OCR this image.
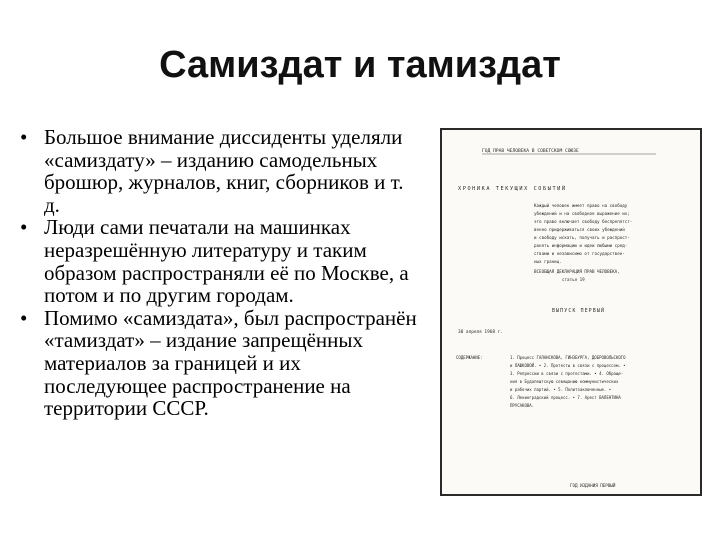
Самиздат и тамиздат
• Большое внимание диссиденты уделяли «самиздату» – изданию самодельных брошюр, журналов, книг, сборников и т. д.
• Люди сами печатали на машинках неразрешённую литературу и таким образом распространяли её по Москве, а потом и по другим городам.
• Помимо «самиздата», был распространён «тамиздат» – издание запрещённых материалов за границей и их последующее распространение на территории СССР.
ГОД ПРАВ ЧЕЛОВЕКА В СОВЕТСКОМ СОЮЗЕ
ХРОНИКА ТЕКУЩИХ СОБЫТИЙ
Каждый человек имеет право на свободу
убеждений и на свободное выражение их;
это право включает свободу беспрепятст-
венно придерживаться своих убеждений
и свободу искать, получать и распрост-
ранять информацию и идеи любыми сред-
ствами и независимо от государствен-
ных границ.
ВСЕОБЩАЯ ДЕКЛАРАЦИЯ ПРАВ ЧЕЛОВЕКА,
статья 19
ВЫПУСК ПЕРВЫЙ
30 апреля 1968 г.
СОДЕРЖАНИЕ:	1. Процесс ГАЛАНСКОВА, ГИНЗБУРГА, ДОБРОВОЛЬСКОГО
и ЛАШКОВОЙ. • 2. Протесты в связи с процессом. •
3. Репрессии в связи с протестами. • 4. Обраще-
ния в Будапештскую совещанию коммунистических
и рабочих партий. • 5. Политзаключенные. •
6. Ленинградский процесс. • 7. Арест ВАЛЕНТИНА
ПРУСАКОВА.
ГОД ИЗДАНИЯ ПЕРВЫЙ
